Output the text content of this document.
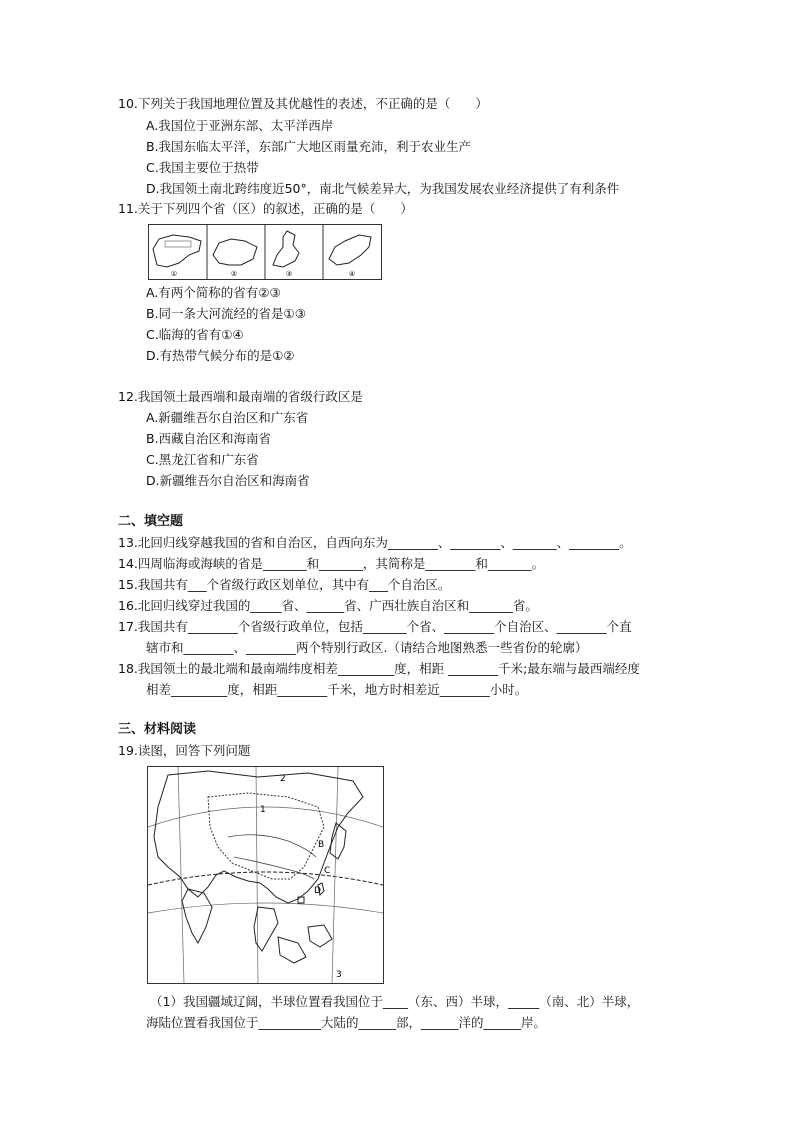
10.下列关于我国地理位置及其优越性的表述，不正确的是（　　）
A.我国位于亚洲东部、太平洋西岸
B.我国东临太平洋，东部广大地区雨量充沛，利于农业生产
C.我国主要位于热带
D.我国领土南北跨纬度近50°，南北气候差异大，为我国发展农业经济提供了有利条件
11.关于下列四个省（区）的叙述，正确的是（　　）
①	②	③	④
A.有两个简称的省有②③
B.同一条大河流经的省是①③
C.临海的省有①④
D.有热带气候分布的是①②
12.我国领土最西端和最南端的省级行政区是
A.新疆维吾尔自治区和广东省
B.西藏自治区和海南省
C.黑龙江省和广东省
D.新疆维吾尔自治区和海南省
二、填空题
13.北回归线穿越我国的省和自治区，自西向东为________、________、_______、________。
14.四周临海或海峡的省是_______和_______，其简称是________和_______。
15.我国共有___个省级行政区划单位，其中有___个自治区。
16.北回归线穿过我国的_____省、______省、广西壮族自治区和_______省。
17.我国共有________个省级行政单位，包括_______个省、________个自治区、________个直
辖市和________、________两个特别行政区.（请结合地图熟悉一些省份的轮廓）
18.我国领土的最北端和最南端纬度相差_________度，相距 ________千米;最东端与最西端经度
相差_________度，相距________千米，地方时相差近________小时。
三、材料阅读
19.读图，回答下列问题
1
2
3
B
C
D
（1）我国疆域辽阔，半球位置看我国位于____（东、西）半球，_____（南、北）半球，
海陆位置看我国位于__________大陆的______部，______洋的______岸。
